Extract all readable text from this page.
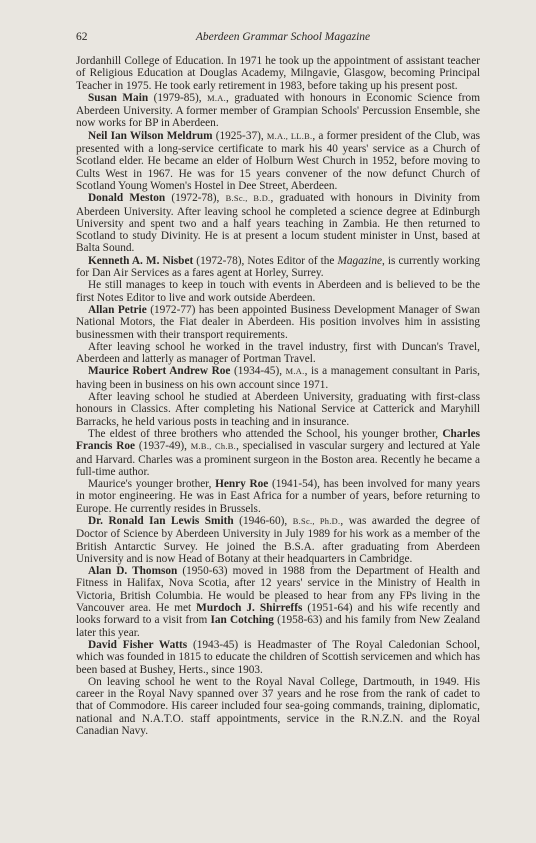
62	Aberdeen Grammar School Magazine

Jordanhill College of Education. In 1971 he took up the appointment of assistant teacher of Religious Education at Douglas Academy, Milngavie, Glasgow, becoming Principal Teacher in 1975. He took early retirement in 1983, before taking up his present post.

Susan Main (1979-85), M.A., graduated with honours in Economic Science from Aberdeen University. A former member of Grampian Schools' Percussion Ensemble, she now works for BP in Aberdeen.

Neil Ian Wilson Meldrum (1925-37), M.A., LL.B., a former president of the Club, was presented with a long-service certificate to mark his 40 years' service as a Church of Scotland elder. He became an elder of Holburn West Church in 1952, before moving to Cults West in 1967. He was for 15 years convener of the now defunct Church of Scotland Young Women's Hostel in Dee Street, Aberdeen.

Donald Meston (1972-78), B.Sc., B.D., graduated with honours in Divinity from Aberdeen University. After leaving school he completed a science degree at Edinburgh University and spent two and a half years teaching in Zambia. He then returned to Scotland to study Divinity. He is at present a locum student minister in Unst, based at Balta Sound.

Kenneth A. M. Nisbet (1972-78), Notes Editor of the Magazine, is currently working for Dan Air Services as a fares agent at Horley, Surrey.

He still manages to keep in touch with events in Aberdeen and is believed to be the first Notes Editor to live and work outside Aberdeen.

Allan Petrie (1972-77) has been appointed Business Development Manager of Swan National Motors, the Fiat dealer in Aberdeen. His position involves him in assisting businessmen with their transport requirements.

After leaving school he worked in the travel industry, first with Duncan's Travel, Aberdeen and latterly as manager of Portman Travel.

Maurice Robert Andrew Roe (1934-45), M.A., is a management consultant in Paris, having been in business on his own account since 1971.

After leaving school he studied at Aberdeen University, graduating with first-class honours in Classics. After completing his National Service at Catterick and Maryhill Barracks, he held various posts in teaching and in insurance.

The eldest of three brothers who attended the School, his younger brother, Charles Francis Roe (1937-49), M.B., Ch.B., specialised in vascular surgery and lectured at Yale and Harvard. Charles was a prominent surgeon in the Boston area. Recently he became a full-time author.

Maurice's younger brother, Henry Roe (1941-54), has been involved for many years in motor engineering. He was in East Africa for a number of years, before returning to Europe. He currently resides in Brussels.

Dr. Ronald Ian Lewis Smith (1946-60), B.Sc., Ph.D., was awarded the degree of Doctor of Science by Aberdeen University in July 1989 for his work as a member of the British Antarctic Survey. He joined the B.S.A. after graduating from Aberdeen University and is now Head of Botany at their headquarters in Cambridge.

Alan D. Thomson (1950-63) moved in 1988 from the Department of Health and Fitness in Halifax, Nova Scotia, after 12 years' service in the Ministry of Health in Victoria, British Columbia. He would be pleased to hear from any FPs living in the Vancouver area. He met Murdoch J. Shirreffs (1951-64) and his wife recently and looks forward to a visit from Ian Cotching (1958-63) and his family from New Zealand later this year.

David Fisher Watts (1943-45) is Headmaster of The Royal Caledonian School, which was founded in 1815 to educate the children of Scottish servicemen and which has been based at Bushey, Herts., since 1903.

On leaving school he went to the Royal Naval College, Dartmouth, in 1949. His career in the Royal Navy spanned over 37 years and he rose from the rank of cadet to that of Commodore. His career included four sea-going commands, training, diplomatic, national and N.A.T.O. staff appointments, service in the R.N.Z.N. and the Royal Canadian Navy.
